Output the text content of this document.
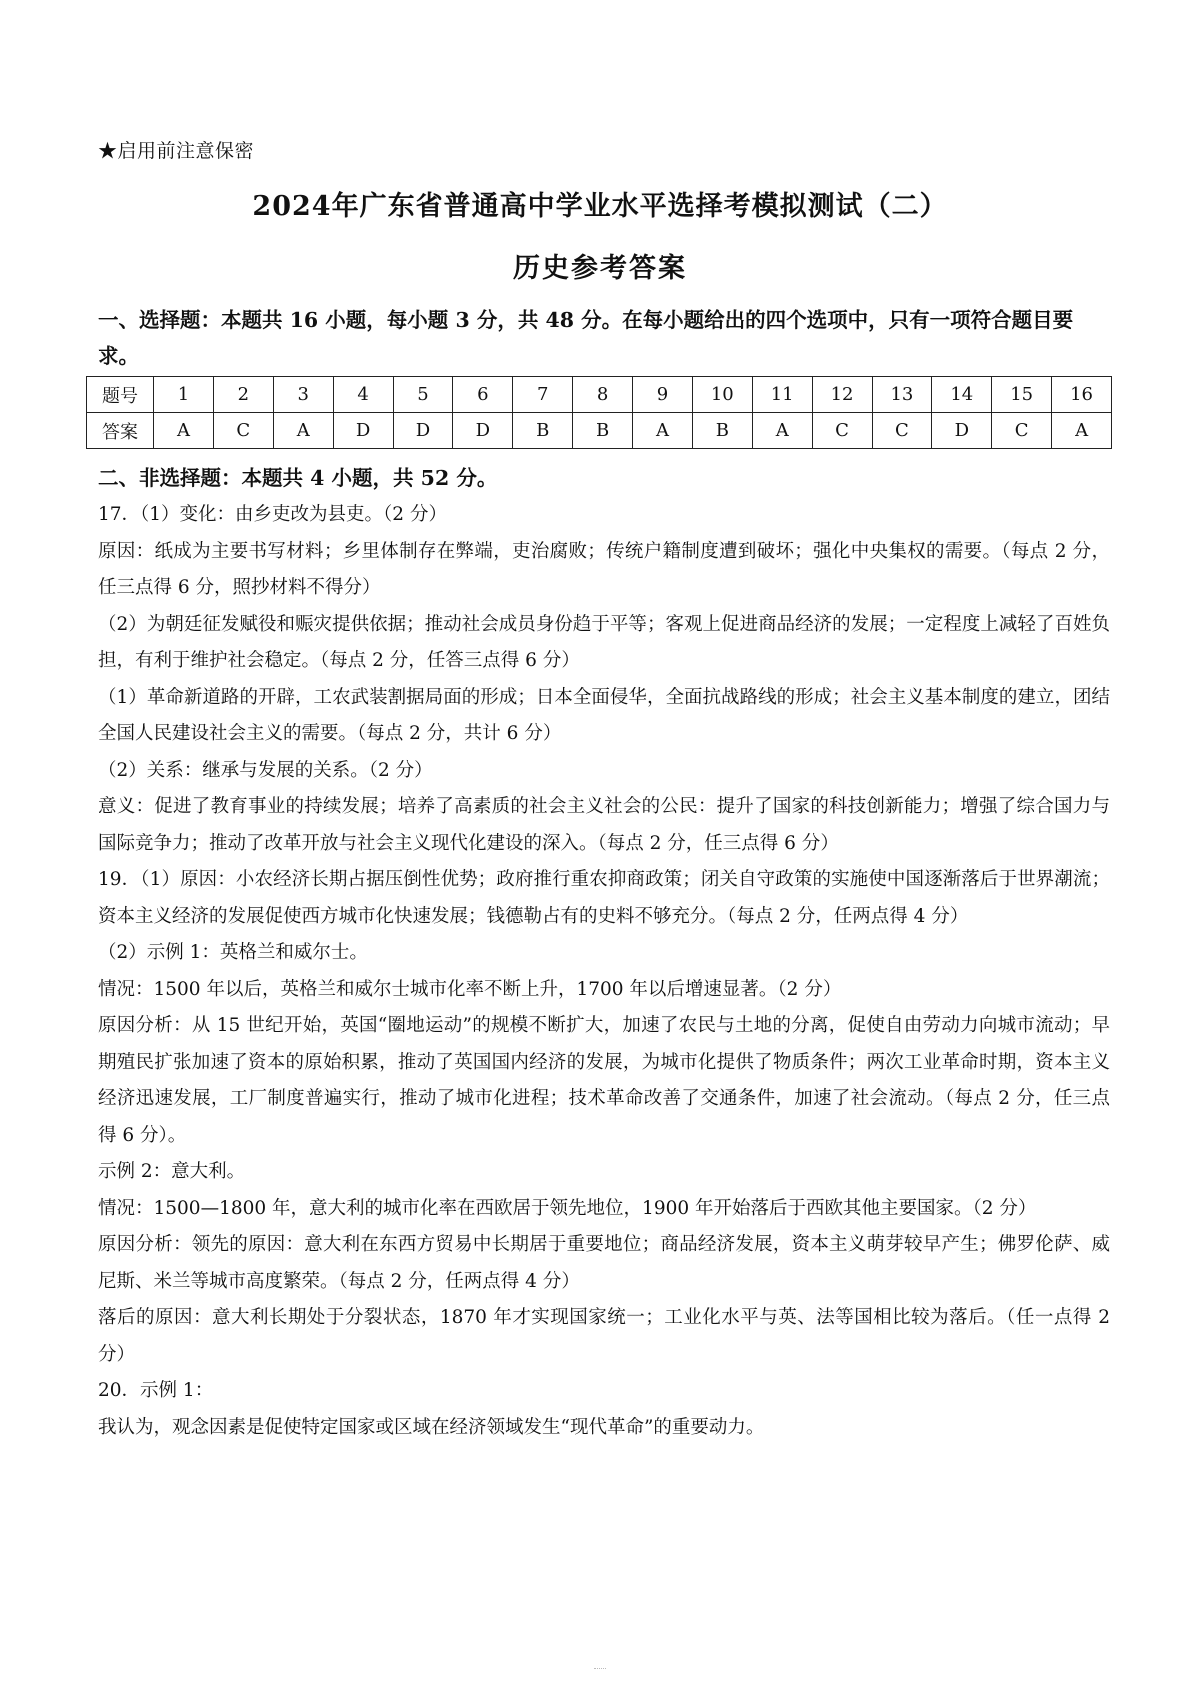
★启用前注意保密
2024年广东省普通高中学业水平选择考模拟测试（二）
历史参考答案
一、选择题：本题共 16 小题，每小题 3 分，共 48 分。在每小题给出的四个选项中，只有一项符合题目要求。
题号	1	2	3	4	5	6	7	8	9	10	11	12	13	14	15	16
答案	A	C	A	D	D	D	B	B	A	B	A	C	C	D	C	A
二、非选择题：本题共 4 小题，共 52 分。

17．（1）变化：由乡吏改为县吏。（2 分）

原因：纸成为主要书写材料；乡里体制存在弊端，吏治腐败；传统户籍制度遭到破坏；强化中央集权的需要。（每点 2 分，任三点得 6 分，照抄材料不得分）

（2）为朝廷征发赋役和赈灾提供依据；推动社会成员身份趋于平等；客观上促进商品经济的发展；一定程度上减轻了百姓负担，有利于维护社会稳定。（每点 2 分，任答三点得 6 分）

（1）革命新道路的开辟，工农武装割据局面的形成；日本全面侵华，全面抗战路线的形成；社会主义基本制度的建立，团结全国人民建设社会主义的需要。（每点 2 分，共计 6 分）

（2）关系：继承与发展的关系。（2 分）

意义：促进了教育事业的持续发展；培养了高素质的社会主义社会的公民：提升了国家的科技创新能力；增强了综合国力与国际竞争力；推动了改革开放与社会主义现代化建设的深入。（每点 2 分，任三点得 6 分）

19．（1）原因：小农经济长期占据压倒性优势；政府推行重农抑商政策；闭关自守政策的实施使中国逐渐落后于世界潮流；资本主义经济的发展促使西方城市化快速发展；钱德勒占有的史料不够充分。（每点 2 分，任两点得 4 分）

（2）示例 1：英格兰和威尔士。

情况：1500 年以后，英格兰和威尔士城市化率不断上升，1700 年以后增速显著。（2 分）

原因分析：从 15 世纪开始，英国“圈地运动”的规模不断扩大，加速了农民与土地的分离，促使自由劳动力向城市流动；早期殖民扩张加速了资本的原始积累，推动了英国国内经济的发展，为城市化提供了物质条件；两次工业革命时期，资本主义经济迅速发展，工厂制度普遍实行，推动了城市化进程；技术革命改善了交通条件，加速了社会流动。（每点 2 分，任三点得 6 分）。

示例 2：意大利。

情况：1500—1800 年，意大利的城市化率在西欧居于领先地位，1900 年开始落后于西欧其他主要国家。（2 分）

原因分析：领先的原因：意大利在东西方贸易中长期居于重要地位；商品经济发展，资本主义萌芽较早产生；佛罗伦萨、威尼斯、米兰等城市高度繁荣。（每点 2 分，任两点得 4 分）

落后的原因：意大利长期处于分裂状态，1870 年才实现国家统一；工业化水平与英、法等国相比较为落后。（任一点得 2 分）

20．示例 1：

我认为，观念因素是促使特定国家或区域在经济领域发生“现代革命”的重要动力。
